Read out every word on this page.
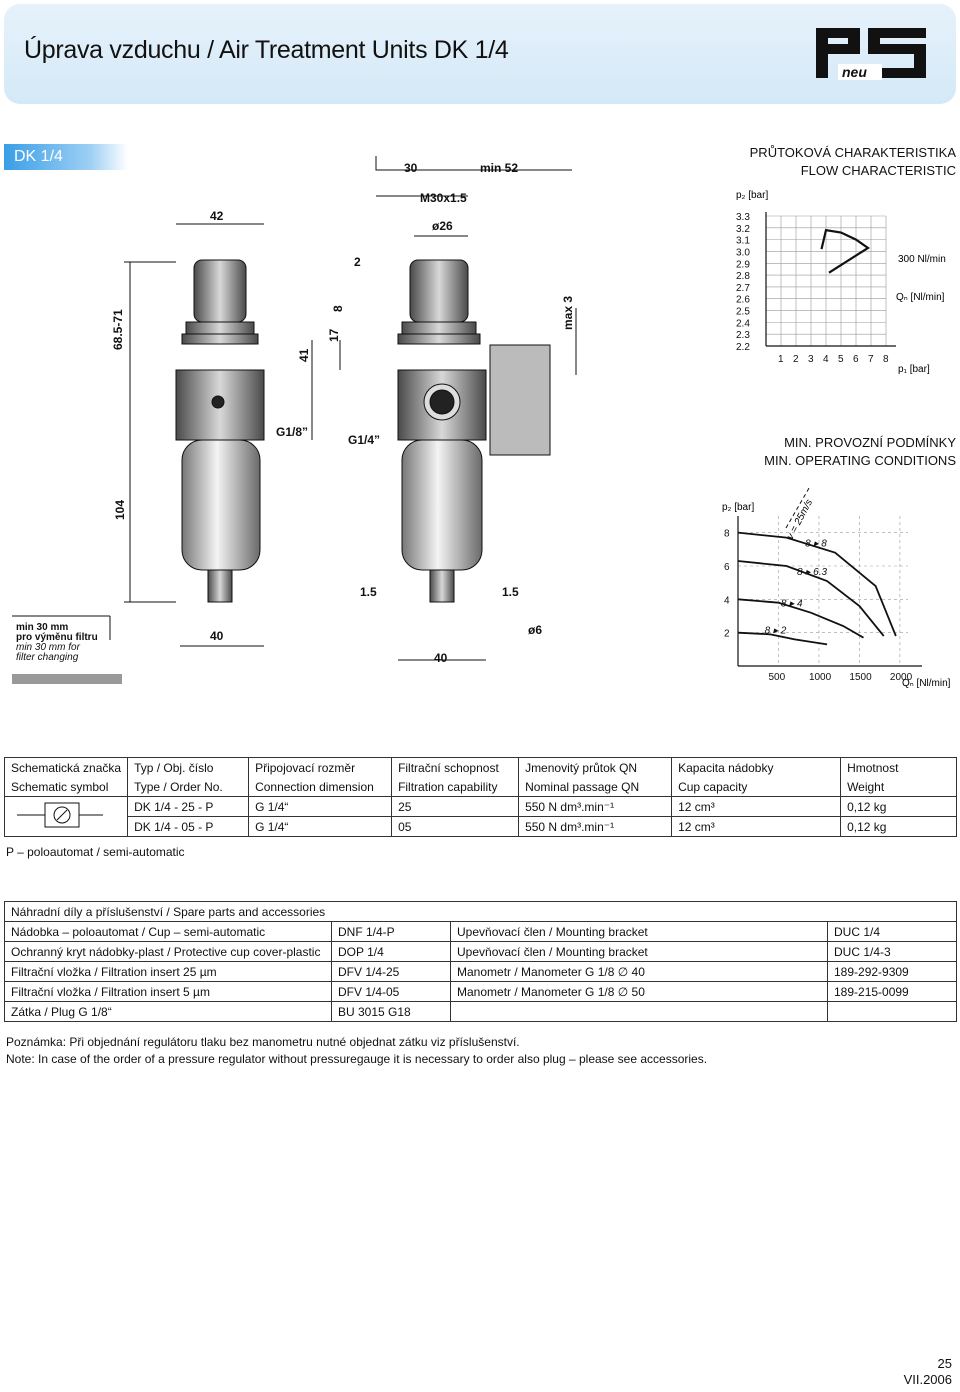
Úprava vzduchu / Air Treatment Units DK 1/4
neu
DK 1/4
42
30	min 52
M30x1.5
ø26
2
68.5-71
41
17
8	max 3
G1/8”
G1/4”
104
1.5	1.5
40
40
ø6
min 30 mm
pro výměnu filtru
min 30 mm for
filter changing
PRŮTOKOVÁ CHARAKTERISTIKA
FLOW CHARACTERISTIC
3.3
3.2
3.1
3.0
2.9
2.8
2.7
2.6
2.5
2.4
2.3
2.2
1 2 3 4 5 6 7 8
p₂ [bar]
p₁ [bar]
300 Nl/min
Qₙ [Nl/min]
MIN. PROVOZNÍ PODMÍNKY
MIN. OPERATING CONDITIONS
8
6
4
2
500 1000 1500 2000
8 ▸ 8
8 ▸ 6.3
8 ▸ 4
8 ▸ 2
p₂ [bar]
Qₙ [Nl/min]
v = 25m/s
Schematická značka	Typ / Obj. číslo	Připojovací rozměr	Filtrační schopnost	Jmenovitý průtok QN	Kapacita nádobky	Hmotnost
Schematic symbol	Type / Order No.	Connection dimension	Filtration capability	Nominal passage QN	Cup capacity	Weight
	DK 1/4 - 25 - P	G 1/4“	25	550 N dm³.min⁻¹	12 cm³	0,12 kg
	DK 1/4 - 05 - P	G 1/4“	05	550 N dm³.min⁻¹	12 cm³	0,12 kg
P – poloautomat / semi-automatic
Náhradní díly a příslušenství / Spare parts and accessories			
Nádobka – poloautomat / Cup – semi-automatic	DNF 1/4-P	Upevňovací člen / Mounting bracket	DUC 1/4
Ochranný kryt nádobky-plast / Protective cup cover-plastic	DOP 1/4	Upevňovací člen / Mounting bracket	DUC 1/4-3
Filtrační vložka / Filtration insert 25 µm	DFV 1/4-25	Manometr / Manometer G 1/8 ∅ 40	189-292-9309
Filtrační vložka / Filtration insert 5 µm	DFV 1/4-05	Manometr / Manometer G 1/8 ∅ 50	189-215-0099
Zátka / Plug G 1/8“	BU 3015 G18		
Poznámka: Při objednání regulátoru tlaku bez manometru nutné objednat zátku viz příslušenství.
Note: In case of the order of a pressure regulator without pressuregauge it is necessary to order also plug – please see accessories.
25
VII.2006
